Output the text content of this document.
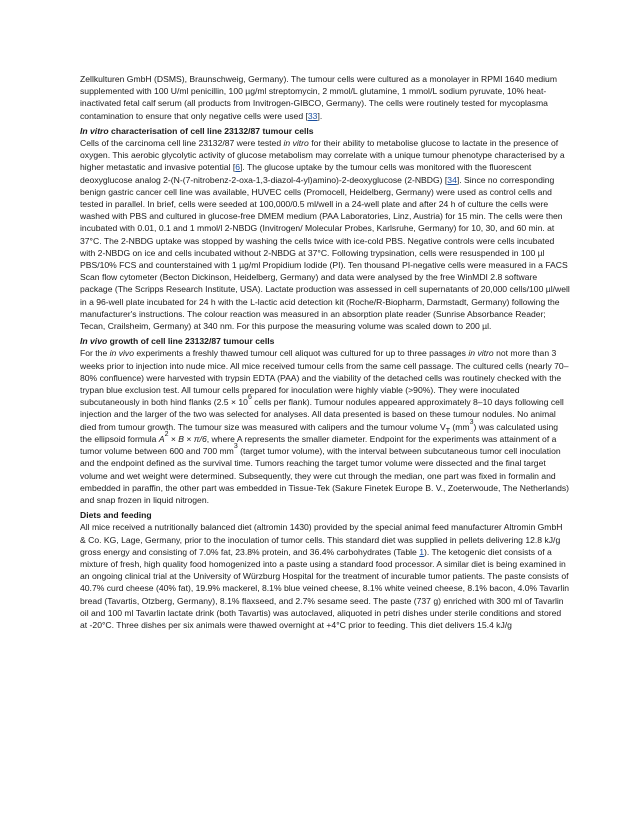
Zellkulturen GmbH (DSMS), Braunschweig, Germany). The tumour cells were cultured as a monolayer in RPMI 1640 medium supplemented with 100 U/ml penicillin, 100 µg/ml streptomycin, 2 mmol/L glutamine, 1 mmol/L sodium pyruvate, 10% heat-inactivated fetal calf serum (all products from Invitrogen-GIBCO, Germany). The cells were routinely tested for mycoplasma contamination to ensure that only negative cells were used [33].

In vitro characterisation of cell line 23132/87 tumour cells

Cells of the carcinoma cell line 23132/87 were tested in vitro for their ability to metabolise glucose to lactate in the presence of oxygen. This aerobic glycolytic activity of glucose metabolism may correlate with a unique tumour phenotype characterised by a higher metastatic and invasive potential [6]. The glucose uptake by the tumour cells was monitored with the fluorescent deoxyglucose analog 2-(N-(7-nitrobenz-2-oxa-1,3-diazol-4-yl)amino)-2-deoxyglucose (2-NBDG) [34]. Since no corresponding benign gastric cancer cell line was available, HUVEC cells (Promocell, Heidelberg, Germany) were used as control cells and tested in parallel. In brief, cells were seeded at 100,000/0.5 ml/well in a 24-well plate and after 24 h of culture the cells were washed with PBS and cultured in glucose-free DMEM medium (PAA Laboratories, Linz, Austria) for 15 min. The cells were then incubated with 0.01, 0.1 and 1 mmol/l 2-NBDG (Invitrogen/ Molecular Probes, Karlsruhe, Germany) for 10, 30, and 60 min. at 37°C. The 2-NBDG uptake was stopped by washing the cells twice with ice-cold PBS. Negative controls were cells incubated with 2-NBDG on ice and cells incubated without 2-NBDG at 37°C. Following trypsination, cells were resuspended in 100 µl PBS/10% FCS and counterstained with 1 µg/ml Propidium Iodide (PI). Ten thousand PI-negative cells were measured in a FACS Scan flow cytometer (Becton Dickinson, Heidelberg, Germany) and data were analysed by the free WinMDI 2.8 software package (The Scripps Research Institute, USA). Lactate production was assessed in cell supernatants of 20,000 cells/100 µl/well in a 96-well plate incubated for 24 h with the L-lactic acid detection kit (Roche/R-Biopharm, Darmstadt, Germany) following the manufacturer's instructions. The colour reaction was measured in an absorption plate reader (Sunrise Absorbance Reader; Tecan, Crailsheim, Germany) at 340 nm. For this purpose the measuring volume was scaled down to 200 µl.

In vivo growth of cell line 23132/87 tumour cells

For the in vivo experiments a freshly thawed tumour cell aliquot was cultured for up to three passages in vitro not more than 3 weeks prior to injection into nude mice. All mice received tumour cells from the same cell passage. The cultured cells (nearly 70–80% confluence) were harvested with trypsin EDTA (PAA) and the viability of the detached cells was routinely checked with the trypan blue exclusion test. All tumour cells prepared for inoculation were highly viable (>90%). They were inoculated subcutaneously in both hind flanks ($2.5 \times 10^6$ cells per flank). Tumour nodules appeared approximately 8–10 days following cell injection and the larger of the two was selected for analyses. All data presented is based on these tumour nodules. No animal died from tumour growth. The tumour size was measured with calipers and the tumour volume $V_T$ $(mm^3)$ was calculated using the ellipsoid formula $A^2 \times B \times \pi/6$, where A represents the smaller diameter. Endpoint for the experiments was attainment of a tumor volume between 600 and 700 $mm^3$ (target tumor volume), with the interval between subcutaneous tumor cell inoculation and the endpoint defined as the survival time. Tumors reaching the target tumor volume were dissected and the final target volume and wet weight were determined. Subsequently, they were cut through the median, one part was fixed in formalin and embedded in paraffin, the other part was embedded in Tissue-Tek (Sakure Finetek Europe B. V., Zoeterwoude, The Netherlands) and snap frozen in liquid nitrogen.

Diets and feeding

All mice received a nutritionally balanced diet (altromin 1430) provided by the special animal feed manufacturer Altromin GmbH & Co. KG, Lage, Germany, prior to the inoculation of tumor cells. This standard diet was supplied in pellets delivering 12.8 kJ/g gross energy and consisting of 7.0% fat, 23.8% protein, and 36.4% carbohydrates (Table 1). The ketogenic diet consists of a mixture of fresh, high quality food homogenized into a paste using a standard food processor. A similar diet is being examined in an ongoing clinical trial at the University of Würzburg Hospital for the treatment of incurable tumor patients. The paste consists of 40.7% curd cheese (40% fat), 19.9% mackerel, 8.1% blue veined cheese, 8.1% white veined cheese, 8.1% bacon, 4.0% Tavarlin bread (Tavartis, Otzberg, Germany), 8.1% flaxseed, and 2.7% sesame seed. The paste (737 g) enriched with 300 ml of Tavarlin oil and 100 ml Tavarlin lactate drink (both Tavartis) was autoclaved, aliquoted in petri dishes under sterile conditions and stored at -20°C. Three dishes per six animals were thawed overnight at +4°C prior to feeding. This diet delivers 15.4 kJ/g
